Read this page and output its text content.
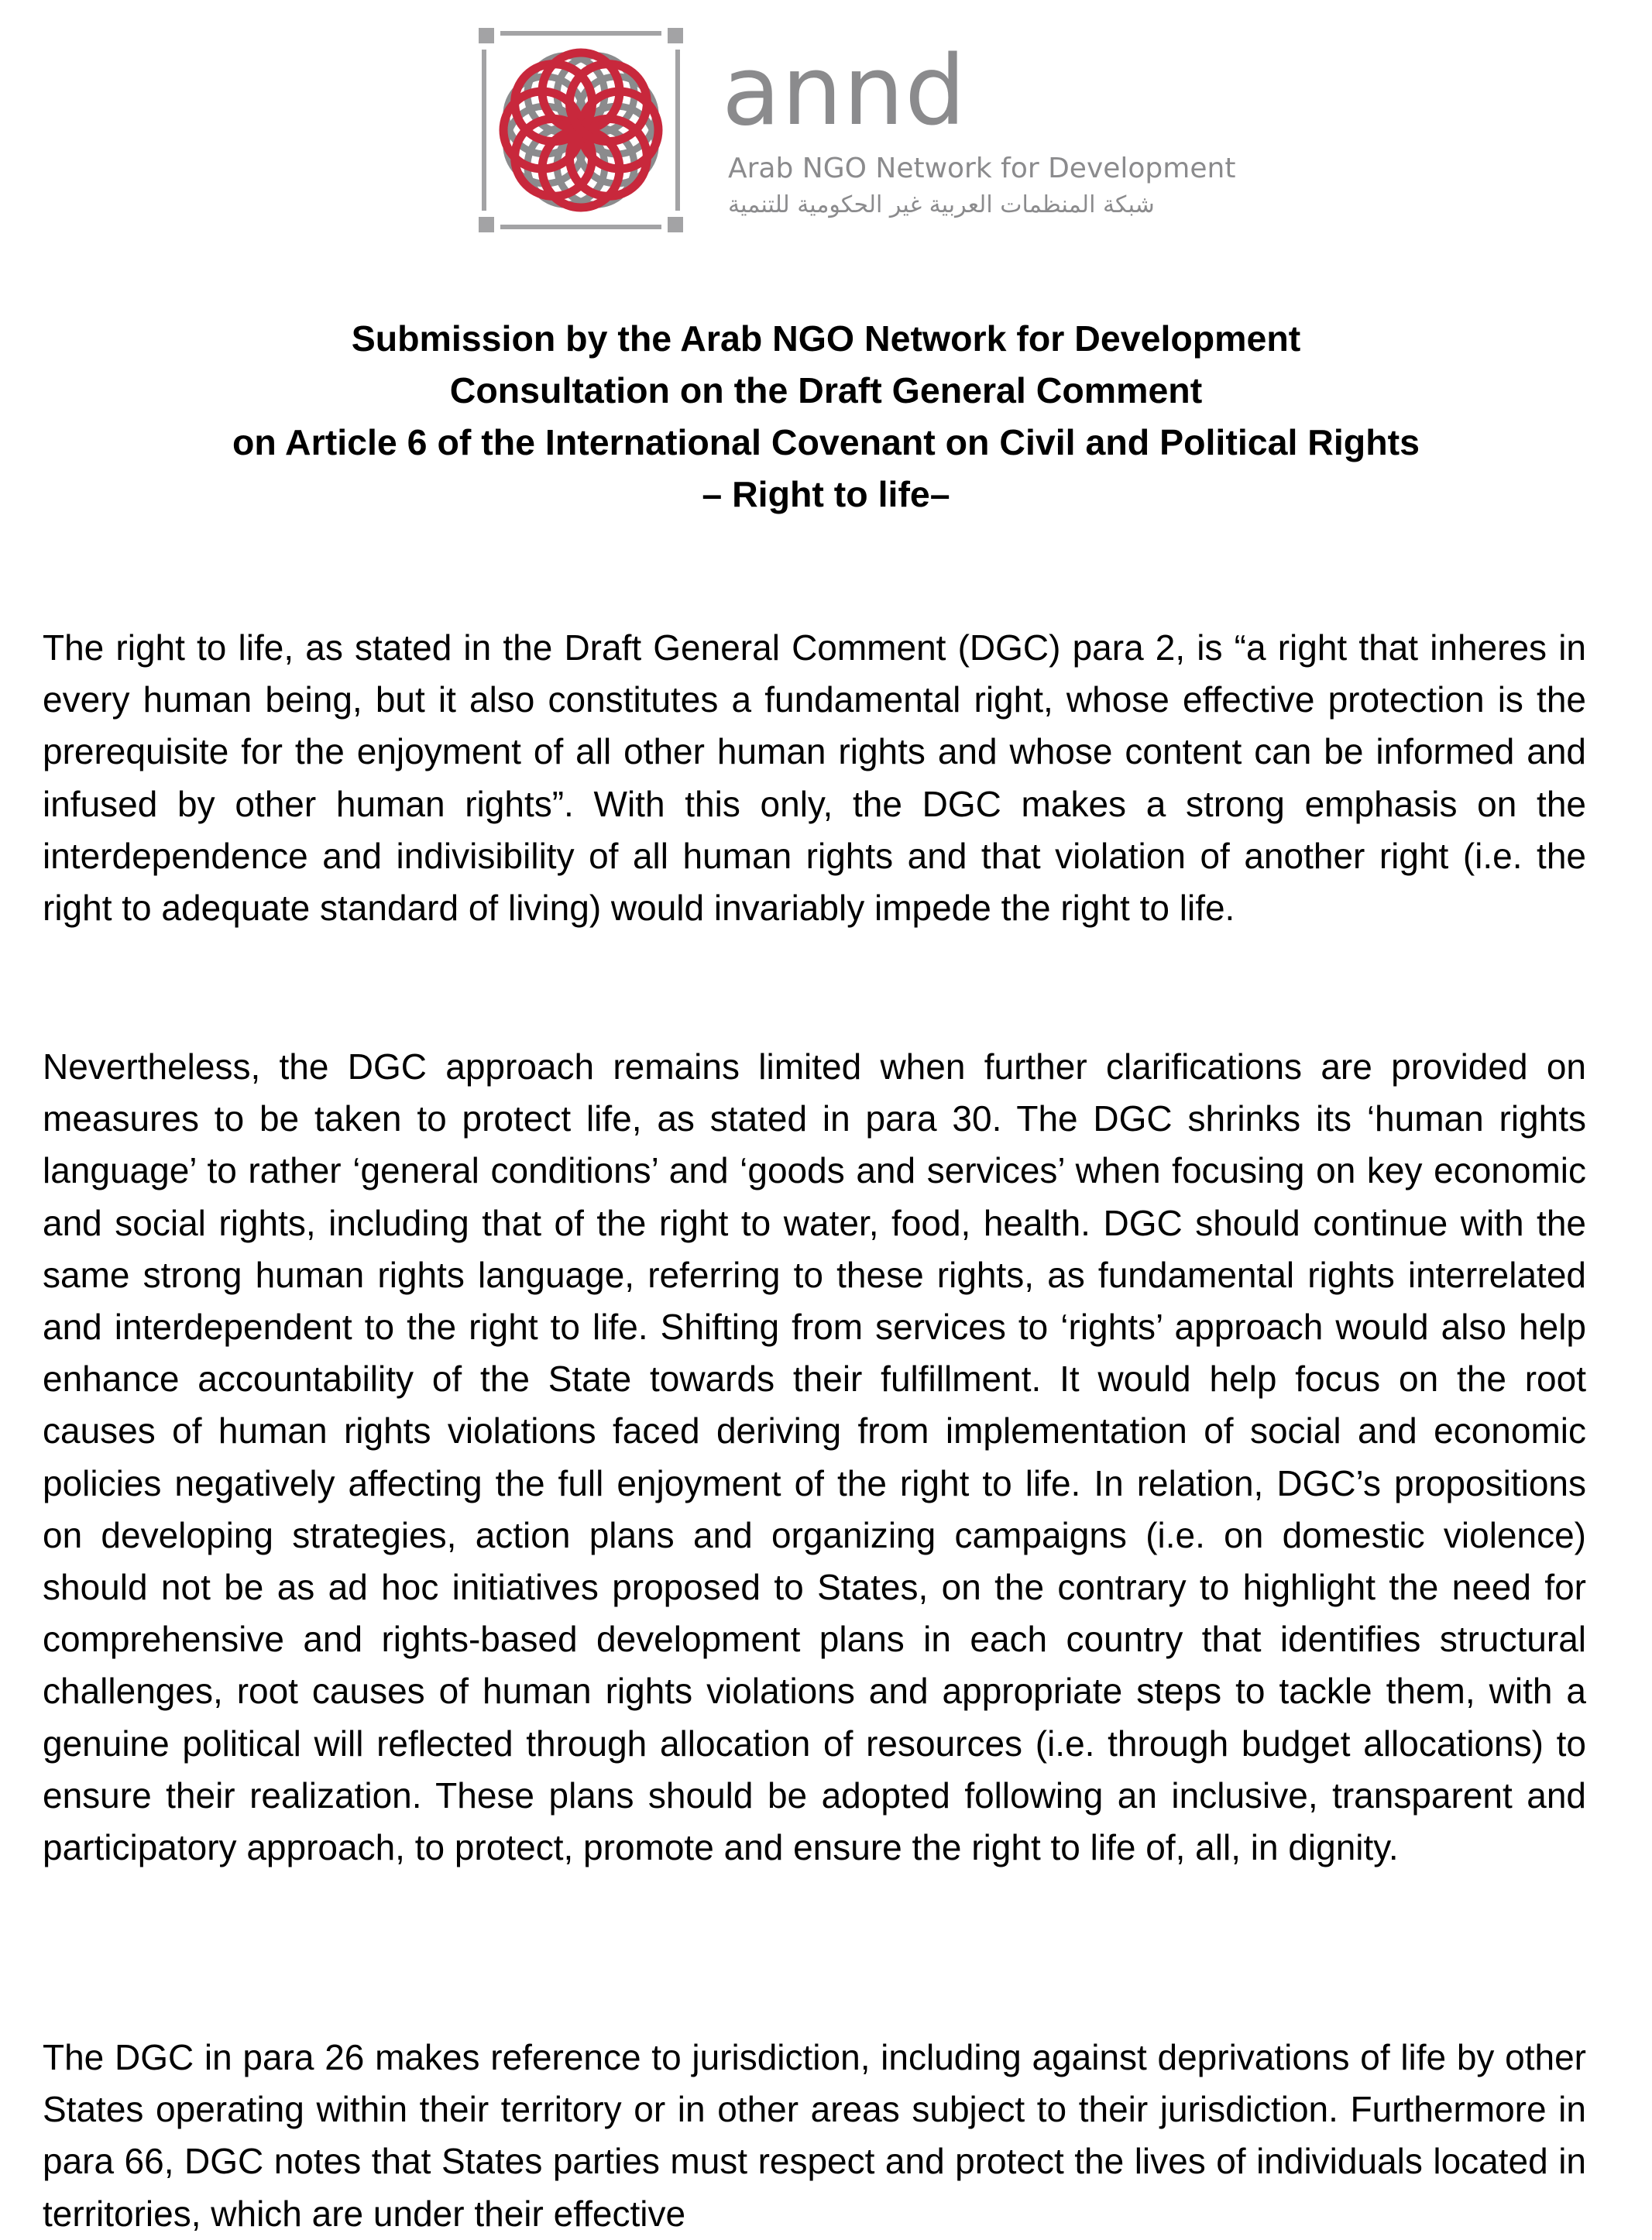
annd
Arab NGO Network for Development
شبكة المنظمات العربية غير الحكومية للتنمية
Submission by the Arab NGO Network for Development
Consultation on the Draft General Comment
on Article 6 of the International Covenant on Civil and Political Rights
– Right to life–
The right to life, as stated in the Draft General Comment (DGC) para 2, is “a right that inheres in every human being, but it also constitutes a fundamental right, whose effective protection is the prerequisite for the enjoyment of all other human rights and whose content can be informed and infused by other human rights”. With this only, the DGC makes a strong emphasis on the interdependence and indivisibility of all human rights and that violation of another right (i.e. the right to adequate standard of living) would invariably impede the right to life.
Nevertheless, the DGC approach remains limited when further clarifications are provided on measures to be taken to protect life, as stated in para 30. The DGC shrinks its ‘human rights language’ to rather ‘general conditions’ and ‘goods and services’ when focusing on key economic and social rights, including that of the right to water, food, health. DGC should continue with the same strong human rights language, referring to these rights, as fundamental rights interrelated and interdependent to the right to life. Shifting from services to ‘rights’ approach would also help enhance accountability of the State towards their fulfillment. It would help focus on the root causes of human rights violations faced deriving from implementation of social and economic policies negatively affecting the full enjoyment of the right to life. In relation, DGC’s propositions on developing strategies, action plans and organizing campaigns (i.e. on domestic violence) should not be as ad hoc initiatives proposed to States, on the contrary to highlight the need for comprehensive and rights-based development plans in each country that identifies structural challenges, root causes of human rights violations and appropriate steps to tackle them, with a genuine political will reflected through allocation of resources (i.e. through budget allocations) to ensure their realization. These plans should be adopted following an inclusive, transparent and participatory approach, to protect, promote and ensure the right to life of, all, in dignity.
The DGC in para 26 makes reference to jurisdiction, including against deprivations of life by other States operating within their territory or in other areas subject to their jurisdiction. Furthermore in para 66, DGC notes that States parties must respect and protect the lives of individuals located in territories, which are under their effective
